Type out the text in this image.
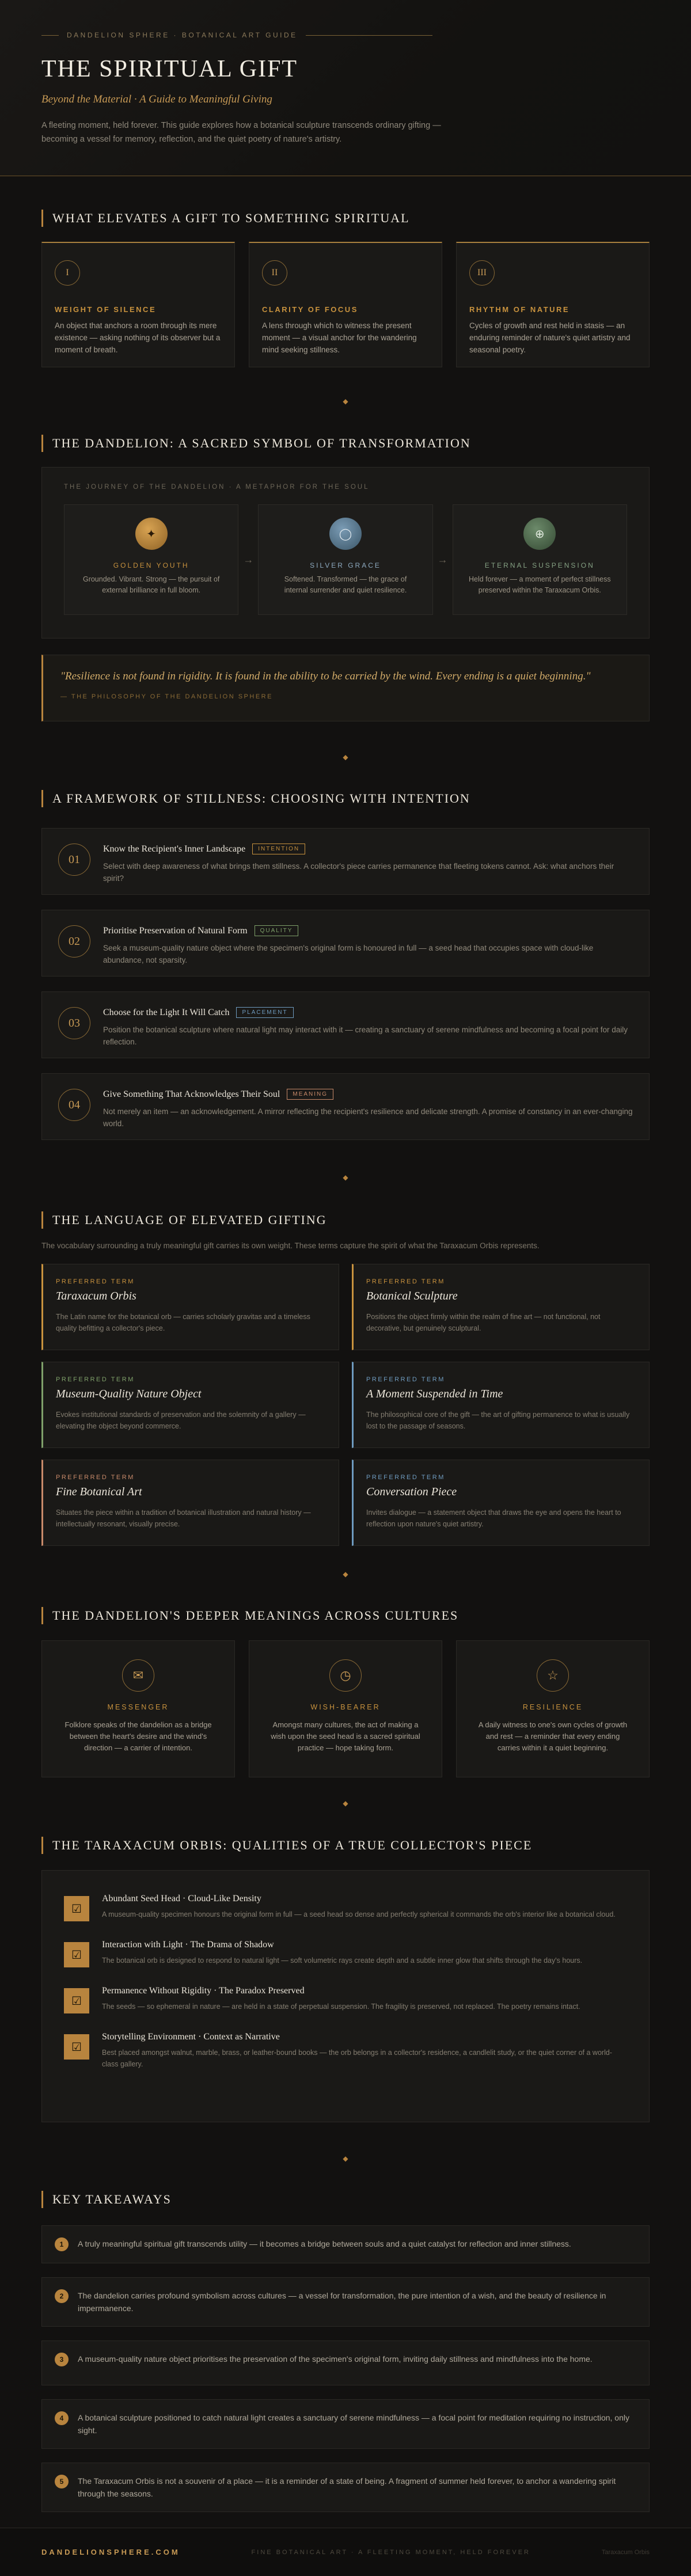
DANDELION SPHERE · BOTANICAL ART GUIDE
THE SPIRITUAL GIFT
Beyond the Material · A Guide to Meaningful Giving

A fleeting moment, held forever. This guide explores how a botanical sculpture transcends ordinary gifting — becoming a vessel for memory, reflection, and the quiet poetry of nature's artistry.

WHAT ELEVATES A GIFT TO SOMETHING SPIRITUAL
I
WEIGHT OF SILENCE

An object that anchors a room through its mere existence — asking nothing of its observer but a moment of breath.

II
CLARITY OF FOCUS

A lens through which to witness the present moment — a visual anchor for the wandering mind seeking stillness.

III
RHYTHM OF NATURE

Cycles of growth and rest held in stasis — an enduring reminder of nature's quiet artistry and seasonal poetry.

◆
THE DANDELION: A SACRED SYMBOL OF TRANSFORMATION
THE JOURNEY OF THE DANDELION · A METAPHOR FOR THE SOUL
✦
GOLDEN YOUTH

Grounded. Vibrant. Strong — the pursuit of external brilliance in full bloom.

→
◯
SILVER GRACE

Softened. Transformed — the grace of internal surrender and quiet resilience.

→
⊕
ETERNAL SUSPENSION

Held forever — a moment of perfect stillness preserved within the Taraxacum Orbis.

"Resilience is not found in rigidity. It is found in the ability to be carried by the wind. Every ending is a quiet beginning."
— THE PHILOSOPHY OF THE DANDELION SPHERE
◆
A FRAMEWORK OF STILLNESS: CHOOSING WITH INTENTION
01
Know the Recipient's Inner Landscape	INTENTION

Select with deep awareness of what brings them stillness. A collector's piece carries permanence that fleeting tokens cannot. Ask: what anchors their spirit?

02
Prioritise Preservation of Natural Form	QUALITY

Seek a museum-quality nature object where the specimen's original form is honoured in full — a seed head that occupies space with cloud-like abundance, not sparsity.

03
Choose for the Light It Will Catch	PLACEMENT

Position the botanical sculpture where natural light may interact with it — creating a sanctuary of serene mindfulness and becoming a focal point for daily reflection.

04
Give Something That Acknowledges Their Soul	MEANING

Not merely an item — an acknowledgement. A mirror reflecting the recipient's resilience and delicate strength. A promise of constancy in an ever-changing world.

◆
THE LANGUAGE OF ELEVATED GIFTING

The vocabulary surrounding a truly meaningful gift carries its own weight. These terms capture the spirit of what the Taraxacum Orbis represents.

PREFERRED TERM
Taraxacum Orbis

The Latin name for the botanical orb — carries scholarly gravitas and a timeless quality befitting a collector's piece.

PREFERRED TERM
Botanical Sculpture

Positions the object firmly within the realm of fine art — not functional, not decorative, but genuinely sculptural.

PREFERRED TERM
Museum-Quality Nature Object

Evokes institutional standards of preservation and the solemnity of a gallery — elevating the object beyond commerce.

PREFERRED TERM
A Moment Suspended in Time

The philosophical core of the gift — the art of gifting permanence to what is usually lost to the passage of seasons.

PREFERRED TERM
Fine Botanical Art

Situates the piece within a tradition of botanical illustration and natural history — intellectually resonant, visually precise.

PREFERRED TERM
Conversation Piece

Invites dialogue — a statement object that draws the eye and opens the heart to reflection upon nature's quiet artistry.

◆
THE DANDELION'S DEEPER MEANINGS ACROSS CULTURES
✉
MESSENGER

Folklore speaks of the dandelion as a bridge between the heart's desire and the wind's direction — a carrier of intention.

◷
WISH-BEARER

Amongst many cultures, the act of making a wish upon the seed head is a sacred spiritual practice — hope taking form.

☆
RESILIENCE

A daily witness to one's own cycles of growth and rest — a reminder that every ending carries within it a quiet beginning.

◆
THE TARAXACUM ORBIS: QUALITIES OF A TRUE COLLECTOR'S PIECE
☑
Abundant Seed Head · Cloud-Like Density

A museum-quality specimen honours the original form in full — a seed head so dense and perfectly spherical it commands the orb's interior like a botanical cloud.

☑
Interaction with Light · The Drama of Shadow

The botanical orb is designed to respond to natural light — soft volumetric rays create depth and a subtle inner glow that shifts through the day's hours.

☑
Permanence Without Rigidity · The Paradox Preserved

The seeds — so ephemeral in nature — are held in a state of perpetual suspension. The fragility is preserved, not replaced. The poetry remains intact.

☑
Storytelling Environment · Context as Narrative

Best placed amongst walnut, marble, brass, or leather-bound books — the orb belongs in a collector's residence, a candlelit study, or the quiet corner of a world-class gallery.

◆
KEY TAKEAWAYS
1	A truly meaningful spiritual gift transcends utility — it becomes a bridge between souls and a quiet catalyst for reflection and inner stillness.

2	The dandelion carries profound symbolism across cultures — a vessel for transformation, the pure intention of a wish, and the beauty of resilience in impermanence.

3	A museum-quality nature object prioritises the preservation of the specimen's original form, inviting daily stillness and mindfulness into the home.

4	A botanical sculpture positioned to catch natural light creates a sanctuary of serene mindfulness — a focal point for meditation requiring no instruction, only sight.

5	The Taraxacum Orbis is not a souvenir of a place — it is a reminder of a state of being. A fragment of summer held forever, to anchor a wandering spirit through the seasons.

DANDELIONSPHERE.COM	FINE BOTANICAL ART · A FLEETING MOMENT, HELD FOREVER	Taraxacum Orbis
